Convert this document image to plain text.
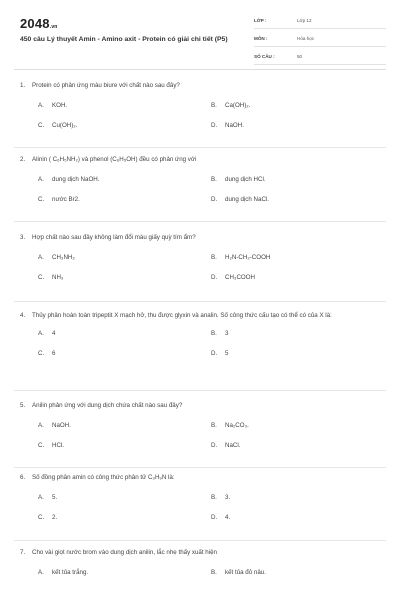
2048.vn
450 câu Lý thuyết Amin - Amino axit - Protein có giải chi tiết (P5)
LỚP :	Lớp 12
MÔN :	Hóa học
SỐ CÂU :	50
1. Protein có phản ứng màu biure với chất nào sau đây?
A. KOH.	B. Ca(OH)₂.
C. Cu(OH)₂.	D. NaOH.
2. Alinin ( C₆H₅NH₂) và phenol (C₆H₅OH) đều có phản ứng với
A. dung dịch NaOH.	B. dung dịch HCl.
C. nước Br2.	D. dung dịch NaCl.
3. Hợp chất nào sau đây không làm đổi màu giấy quỳ tím ẩm?
A. CH₃NH₂	B. H₂N-CH₂-COOH
C. NH₃	D. CH₃COOH
4. Thủy phân hoàn toàn tripeptit X mạch hở, thu được glyxin và analin. Số công thức cấu tạo có thể có của X là:
A. 4	B. 3
C. 6	D. 5
5. Anilin phản ứng với dung dịch chứa chất nào sau đây?
A. NaOH.	B. Na₂CO₃.
C. HCl.	D. NaCl.
6. Số đồng phân amin có công thức phân tử C₃H₉N là:
A. 5.	B. 3.
C. 2.	D. 4.
7. Cho vài giọt nước brom vào dung dịch anilin, lắc nhẹ thấy xuất hiện
A. kết tủa trắng.	B. kết tủa đỏ nâu.
